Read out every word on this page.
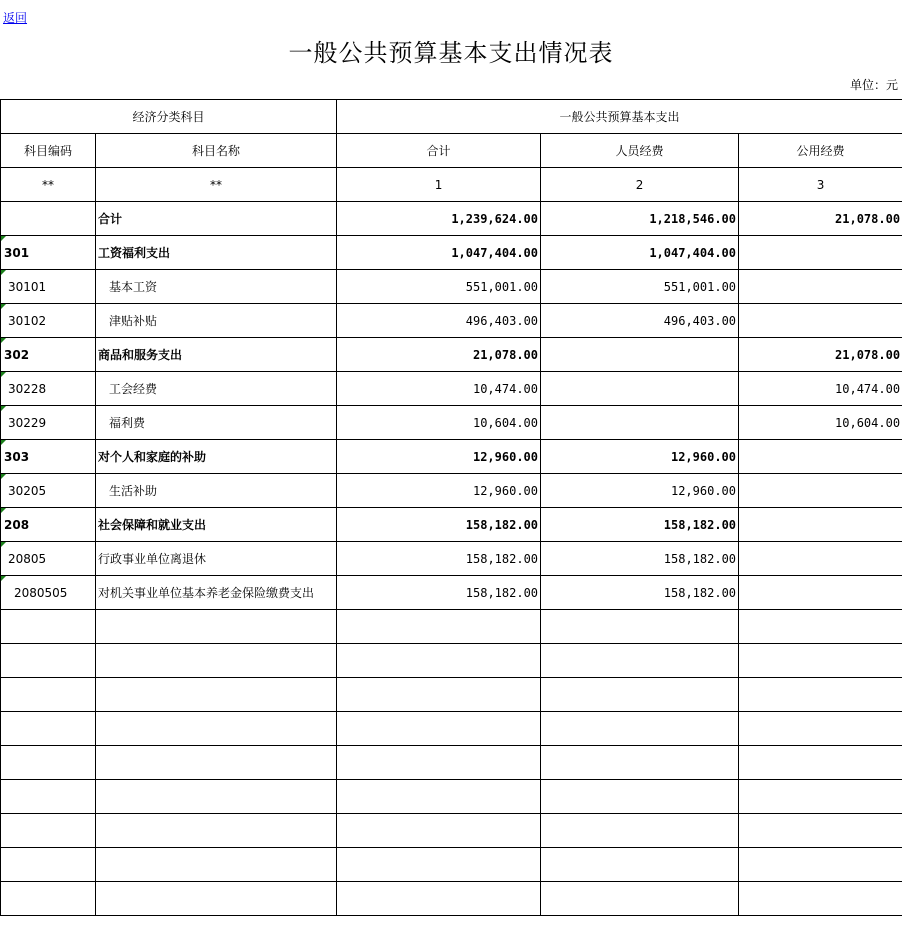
返回
一般公共预算基本支出情况表
单位：元
经济分类科目		一般公共预算基本支出		
科目编码	科目名称	合计	人员经费	公用经费
**	**	1	2	3
	合计	1,239,624.00	1,218,546.00	21,078.00
301	工资福利支出	1,047,404.00	1,047,404.00	
30101	基本工资	551,001.00	551,001.00	
30102	津贴补贴	496,403.00	496,403.00	
302	商品和服务支出	21,078.00		21,078.00
30228	工会经费	10,474.00		10,474.00
30229	福利费	10,604.00		10,604.00
303	对个人和家庭的补助	12,960.00	12,960.00	
30205	生活补助	12,960.00	12,960.00	
208	社会保障和就业支出	158,182.00	158,182.00	
20805	行政事业单位离退休	158,182.00	158,182.00	
2080505	对机关事业单位基本养老金保险缴费支出	158,182.00	158,182.00	
